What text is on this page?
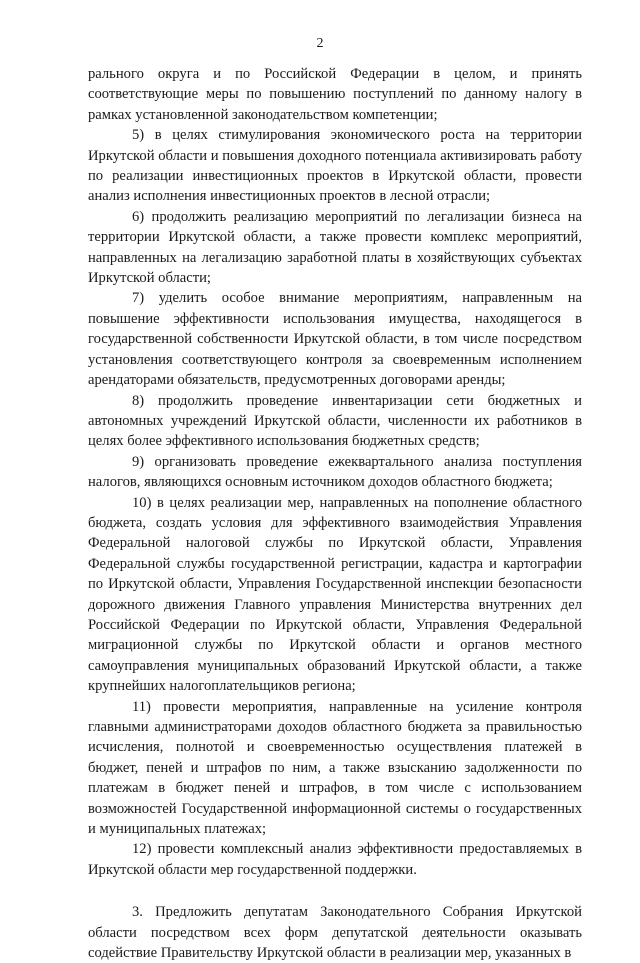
2

рального округа и по Российской Федерации в целом, и принять соответствующие меры по повышению поступлений по данному налогу в рамках установленной законодательством компетенции;

5) в целях стимулирования экономического роста на территории Иркутской области и повышения доходного потенциала активизировать работу по реализации инвестиционных проектов в Иркутской области, провести анализ исполнения инвестиционных проектов в лесной отрасли;

6) продолжить реализацию мероприятий по легализации бизнеса на территории Иркутской области, а также провести комплекс мероприятий, направленных на легализацию заработной платы в хозяйствующих субъектах Иркутской области;

7) уделить особое внимание мероприятиям, направленным на повышение эффективности использования имущества, находящегося в государственной собственности Иркутской области, в том числе посредством установления соответствующего контроля за своевременным исполнением арендаторами обязательств, предусмотренных договорами аренды;

8) продолжить проведение инвентаризации сети бюджетных и автономных учреждений Иркутской области, численности их работников в целях более эффективного использования бюджетных средств;

9) организовать проведение ежеквартального анализа поступления налогов, являющихся основным источником доходов областного бюджета;

10) в целях реализации мер, направленных на пополнение областного бюджета, создать условия для эффективного взаимодействия Управления Федеральной налоговой службы по Иркутской области, Управления Федеральной службы государственной регистрации, кадастра и картографии по Иркутской области, Управления Государственной инспекции безопасности дорожного движения Главного управления Министерства внутренних дел Российской Федерации по Иркутской области, Управления Федеральной миграционной службы по Иркутской области и органов местного самоуправления муниципальных образований Иркутской области, а также крупнейших налогоплательщиков региона;

11) провести мероприятия, направленные на усиление контроля главными администраторами доходов областного бюджета за правильностью исчисления, полнотой и своевременностью осуществления платежей в бюджет, пеней и штрафов по ним, а также взысканию задолженности по платежам в бюджет пеней и штрафов, в том числе с использованием возможностей Государственной информационной системы о государственных и муниципальных платежах;

12) провести комплексный анализ эффективности предоставляемых в Иркутской области мер государственной поддержки.

3. Предложить депутатам Законодательного Собрания Иркутской области посредством всех форм депутатской деятельности оказывать содействие Правительству Иркутской области в реализации мер, указанных в
